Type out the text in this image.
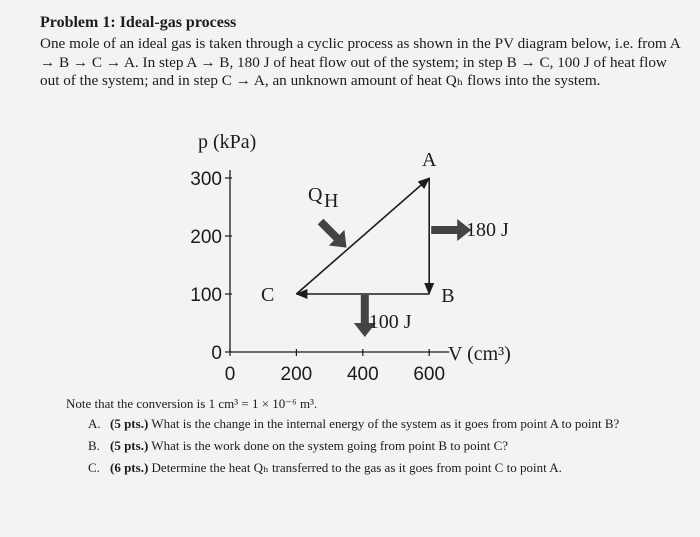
Problem 1: Ideal-gas process

One mole of an ideal gas is taken through a cyclic process as shown in the PV diagram below, i.e. from A → B → C → A. In step A → B, 180 J of heat flow out of the system; in step B → C, 100 J of heat flow out of the system; and in step C → A, an unknown amount of heat Qₕ flows into the system.

0
100
200
300
0 200 400 600
p (kPa)
V (cm³)
A
B
C
Q H
180 J
100 J
Note that the conversion is 1 cm³ = 1 × 10⁻⁶ m³.
A. (5 pts.) What is the change in the internal energy of the system as it goes from point A to point B?
B. (5 pts.) What is the work done on the system going from point B to point C?
C. (6 pts.) Determine the heat Qₕ transferred to the gas as it goes from point C to point A.
